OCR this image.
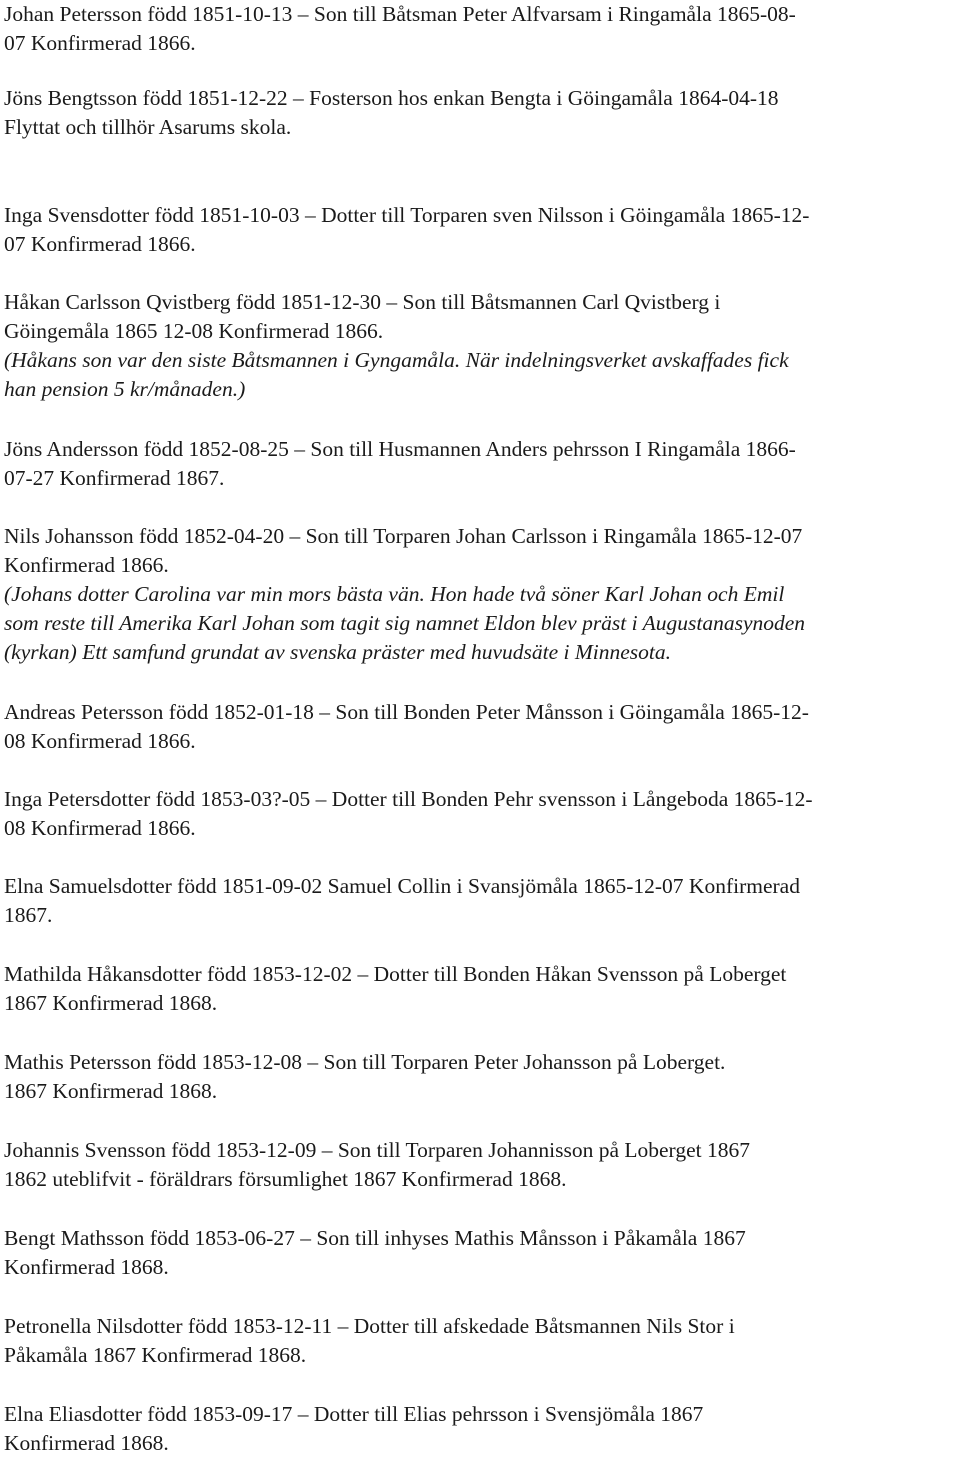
Johan Petersson född 1851-10-13 – Son till Båtsman Peter Alfvarsam i Ringamåla 1865-08-
07 Konfirmerad 1866.
Jöns Bengtsson född 1851-12-22 – Fosterson hos enkan Bengta i Göingamåla 1864-04-18
Flyttat och tillhör Asarums skola.
Inga Svensdotter född 1851-10-03 – Dotter till Torparen sven Nilsson i Göingamåla 1865-12-
07 Konfirmerad 1866.
Håkan Carlsson Qvistberg född 1851-12-30 – Son till Båtsmannen Carl Qvistberg i
Göingemåla 1865 12-08 Konfirmerad 1866.
(Håkans son var den siste Båtsmannen i Gyngamåla. När indelningsverket avskaffades fick
han pension 5 kr/månaden.)
Jöns Andersson född 1852-08-25 – Son till Husmannen Anders pehrsson I Ringamåla 1866-
07-27 Konfirmerad 1867.
Nils Johansson född 1852-04-20 – Son till Torparen Johan Carlsson i Ringamåla 1865-12-07
Konfirmerad 1866.
(Johans dotter Carolina var min mors bästa vän. Hon hade två söner Karl Johan och Emil
som reste till Amerika Karl Johan som tagit sig namnet Eldon blev präst i Augustanasynoden
(kyrkan) Ett samfund grundat av svenska präster med huvudsäte i Minnesota.
Andreas Petersson född 1852-01-18 – Son till Bonden Peter Månsson i Göingamåla 1865-12-
08 Konfirmerad 1866.
Inga Petersdotter född 1853-03?-05 – Dotter till Bonden Pehr svensson i Långeboda 1865-12-
08 Konfirmerad 1866.
Elna Samuelsdotter född 1851-09-02 Samuel Collin i Svansjömåla 1865-12-07 Konfirmerad
1867.
Mathilda Håkansdotter född 1853-12-02 – Dotter till Bonden Håkan Svensson på Loberget
1867 Konfirmerad 1868.
Mathis Petersson född 1853-12-08 – Son till Torparen Peter Johansson på Loberget.
1867 Konfirmerad 1868.
Johannis Svensson född 1853-12-09 – Son till Torparen Johannisson på Loberget 1867
1862 uteblifvit - föräldrars försumlighet 1867 Konfirmerad 1868.
Bengt Mathsson född 1853-06-27 – Son till inhyses Mathis Månsson i Påkamåla 1867
Konfirmerad 1868.
Petronella Nilsdotter född 1853-12-11 – Dotter till afskedade Båtsmannen Nils Stor i
Påkamåla 1867 Konfirmerad 1868.
Elna Eliasdotter född 1853-09-17 – Dotter till Elias pehrsson i Svensjömåla 1867
Konfirmerad 1868.
